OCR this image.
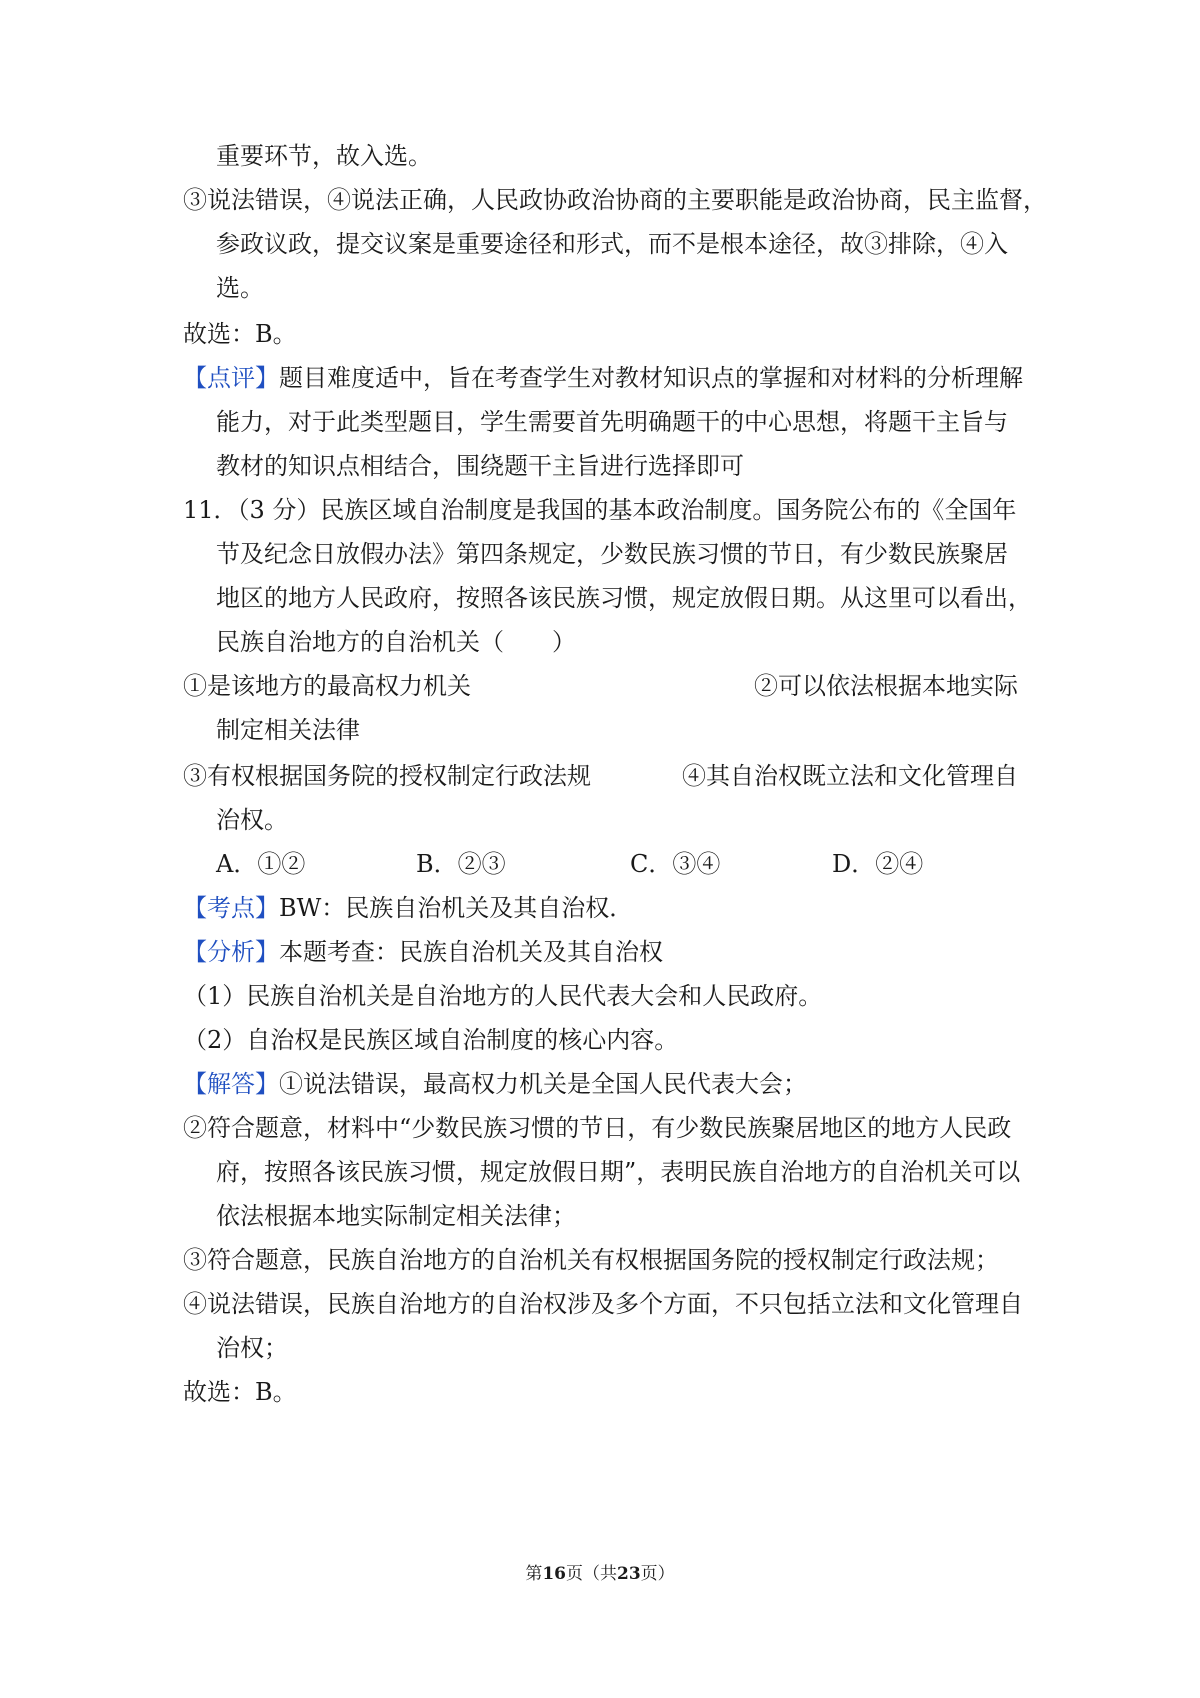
重要环节，故入选。
③说法错误，④说法正确，人民政协政治协商的主要职能是政治协商，民主监督，
参政议政，提交议案是重要途径和形式，而不是根本途径，故③排除，④入
选。
故选：B。
【点评】题目难度适中，旨在考查学生对教材知识点的掌握和对材料的分析理解
能力，对于此类型题目，学生需要首先明确题干的中心思想，将题干主旨与
教材的知识点相结合，围绕题干主旨进行选择即可
11．（3 分）民族区域自治制度是我国的基本政治制度。国务院公布的《全国年
节及纪念日放假办法》第四条规定，少数民族习惯的节日，有少数民族聚居
地区的地方人民政府，按照各该民族习惯，规定放假日期。从这里可以看出，
民族自治地方的自治机关（　　）
①是该地方的最高权力机关	②可以依法根据本地实际
制定相关法律
③有权根据国务院的授权制定行政法规	④其自治权既立法和文化管理自
治权。
A．①②	B．②③	C．③④	D．②④
【考点】BW：民族自治机关及其自治权．
【分析】本题考查：民族自治机关及其自治权
（1）民族自治机关是自治地方的人民代表大会和人民政府。
（2）自治权是民族区域自治制度的核心内容。
【解答】①说法错误，最高权力机关是全国人民代表大会；
②符合题意，材料中“少数民族习惯的节日，有少数民族聚居地区的地方人民政
府，按照各该民族习惯，规定放假日期”，表明民族自治地方的自治机关可以
依法根据本地实际制定相关法律；
③符合题意，民族自治地方的自治机关有权根据国务院的授权制定行政法规；
④说法错误，民族自治地方的自治权涉及多个方面，不只包括立法和文化管理自
治权；
故选：B。
第16页（共23页）
